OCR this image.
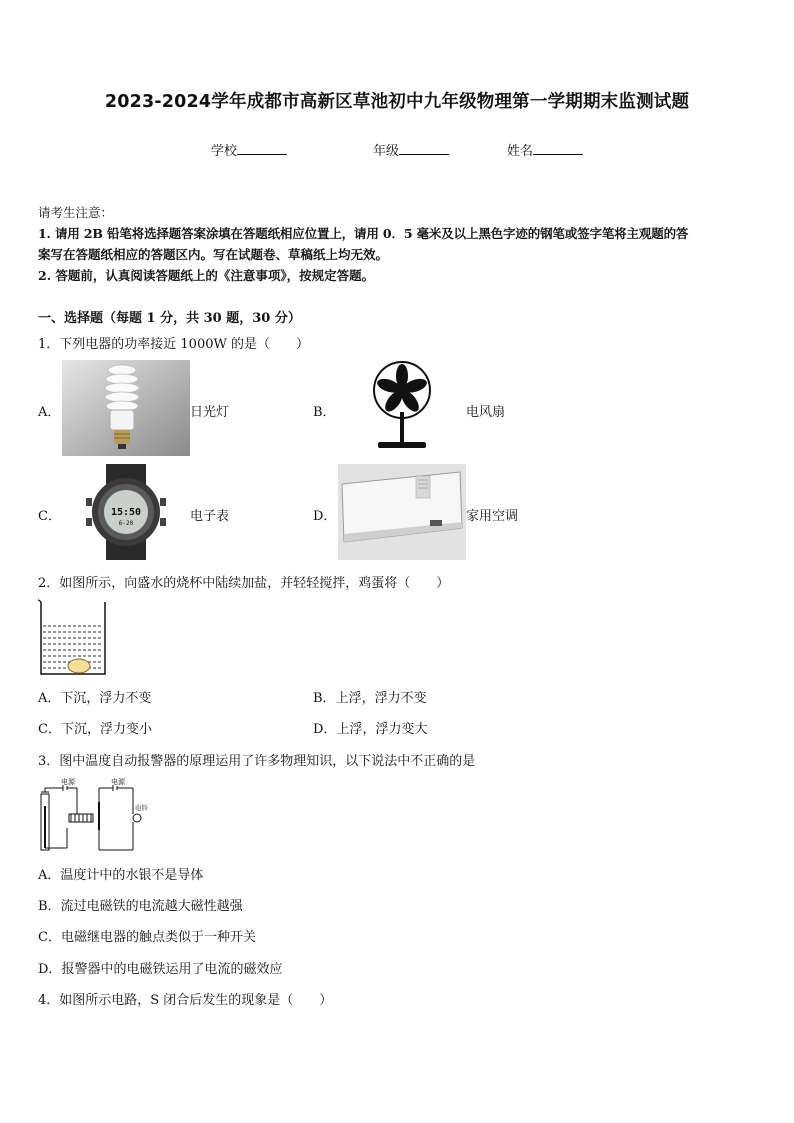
2023-2024学年成都市高新区草池初中九年级物理第一学期期末监测试题
学校	年级	姓名
请考生注意：
1. 请用 2B 铅笔将选择题答案涂填在答题纸相应位置上，请用 0．5 毫米及以上黑色字迹的钢笔或签字笔将主观题的答
案写在答题纸相应的答题区内。写在试题卷、草稿纸上均无效。
2. 答题前，认真阅读答题纸上的《注意事项》，按规定答题。
一、选择题（每题 1 分，共 30 题，30 分）
1．下列电器的功率接近 1000W 的是（　　）
A．	日光灯	B．	电风扇
C．	15:50
6-20	电子表	D．	家用空调
2．如图所示，向盛水的烧杯中陆续加盐，并轻轻搅拌，鸡蛋将（　　）
A．下沉，浮力不变	B．上浮，浮力不变
C．下沉，浮力变小	D．上浮，浮力变大
3．图中温度自动报警器的原理运用了许多物理知识，以下说法中不正确的是
电源	电源
电铃
A．温度计中的水银不是导体
B．流过电磁铁的电流越大磁性越强
C．电磁继电器的触点类似于一种开关
D．报警器中的电磁铁运用了电流的磁效应
4．如图所示电路，S 闭合后发生的现象是（　　）
